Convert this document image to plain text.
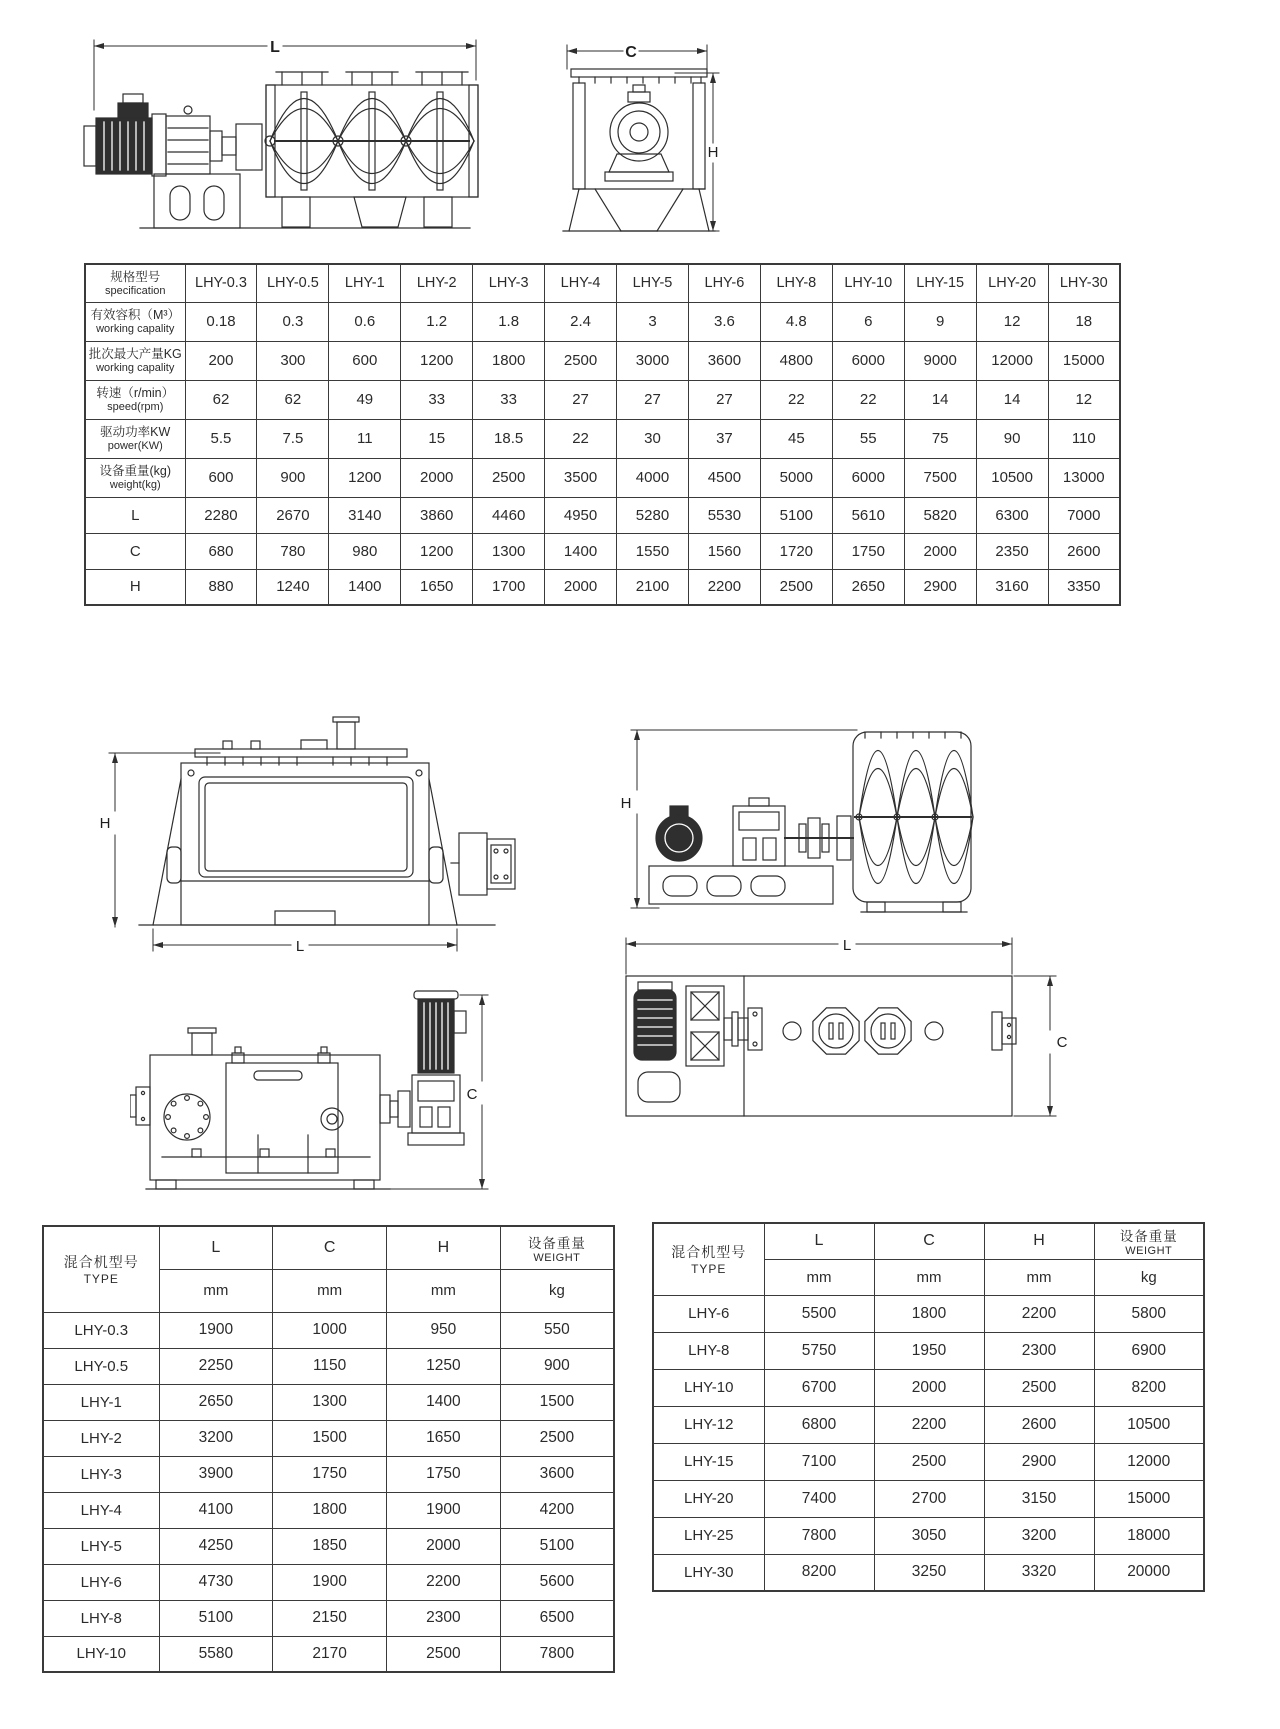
L	C
H
规格型号
specification	LHY-0.3	LHY-0.5	LHY-1	LHY-2	LHY-3	LHY-4	LHY-5	LHY-6	LHY-8	LHY-10	LHY-15	LHY-20	LHY-30

有效容积（M³）
working capality	0.18	0.3	0.6	1.2	1.8	2.4	3	3.6	4.8	6	9	12	18

批次最大产量KG
working capality	200	300	600	1200	1800	2500	3000	3600	4800	6000	9000	12000	15000

转速（r/min）
speed(rpm)	62	62	49	33	33	27	27	27	22	22	14	14	12

驱动功率KW
power(KW)	5.5	7.5	11	15	18.5	22	30	37	45	55	75	90	110

设备重量(kg)
weight(kg)	600	900	1200	2000	2500	3500	4000	4500	5000	6000	7500	10500	13000

L	2280	2670	3140	3860	4460	4950	5280	5530	5100	5610	5820	6300	7000

C	680	780	980	1200	1300	1400	1550	1560	1720	1750	2000	2350	2600

H	880	1240	1400	1650	1700	2000	2100	2200	2500	2650	2900	3160	3350
H
L
H
C
L
C
混合机型号
TYPE
	L	C	H	设备重量
WEIGHT

	mm	mm	mm	kg
LHY-0.3	1900	1000	950	550
LHY-0.5	2250	1150	1250	900
LHY-1	2650	1300	1400	1500
LHY-2	3200	1500	1650	2500
LHY-3	3900	1750	1750	3600
LHY-4	4100	1800	1900	4200
LHY-5	4250	1850	2000	5100
LHY-6	4730	1900	2200	5600
LHY-8	5100	2150	2300	6500
LHY-10	5580	2170	2500	7800
混合机型号
TYPE
	L	C	H	设备重量
WEIGHT

	mm	mm	mm	kg
LHY-6	5500	1800	2200	5800
LHY-8	5750	1950	2300	6900
LHY-10	6700	2000	2500	8200
LHY-12	6800	2200	2600	10500
LHY-15	7100	2500	2900	12000
LHY-20	7400	2700	3150	15000
LHY-25	7800	3050	3200	18000
LHY-30	8200	3250	3320	20000
